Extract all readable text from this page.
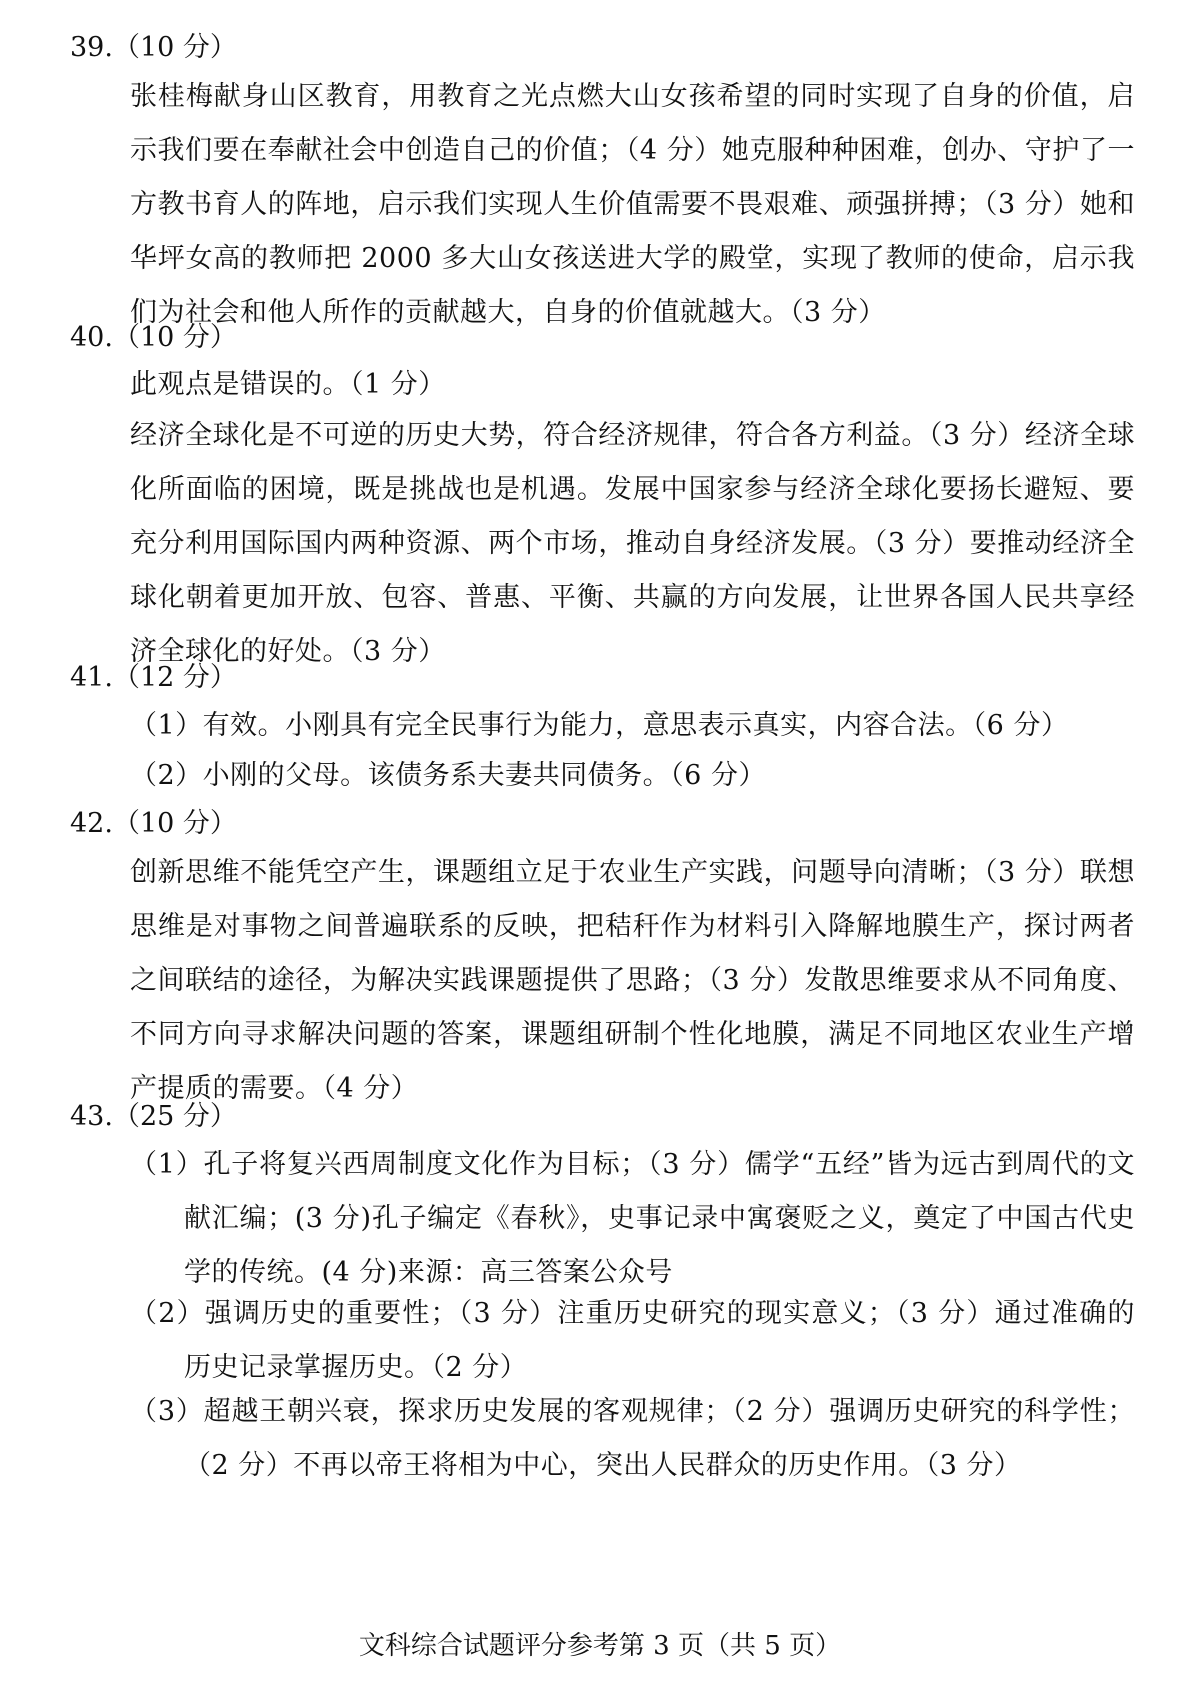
39.（10 分）
张桂梅献身山区教育，用教育之光点燃大山女孩希望的同时实现了自身的价值，启示我们要在奉献社会中创造自己的价值；（4 分）她克服种种困难，创办、守护了一方教书育人的阵地，启示我们实现人生价值需要不畏艰难、顽强拼搏；（3 分）她和华坪女高的教师把 2000 多大山女孩送进大学的殿堂，实现了教师的使命，启示我们为社会和他人所作的贡献越大，自身的价值就越大。（3 分）
40.（10 分）
此观点是错误的。（1 分）
经济全球化是不可逆的历史大势，符合经济规律，符合各方利益。（3 分）经济全球化所面临的困境，既是挑战也是机遇。发展中国家参与经济全球化要扬长避短、要充分利用国际国内两种资源、两个市场，推动自身经济发展。（3 分）要推动经济全球化朝着更加开放、包容、普惠、平衡、共赢的方向发展，让世界各国人民共享经济全球化的好处。（3 分）
41.（12 分）
（1）有效。小刚具有完全民事行为能力，意思表示真实，内容合法。（6 分）
（2）小刚的父母。该债务系夫妻共同债务。（6 分）
42.（10 分）
创新思维不能凭空产生，课题组立足于农业生产实践，问题导向清晰；（3 分）联想思维是对事物之间普遍联系的反映，把秸秆作为材料引入降解地膜生产，探讨两者之间联结的途径，为解决实践课题提供了思路；（3 分）发散思维要求从不同角度、不同方向寻求解决问题的答案，课题组研制个性化地膜，满足不同地区农业生产增产提质的需要。（4 分）
43.（25 分）
（1）孔子将复兴西周制度文化作为目标；（3 分）儒学“五经”皆为远古到周代的文献汇编；(3 分)孔子编定《春秋》，史事记录中寓褒贬之义，奠定了中国古代史学的传统。(4 分)来源：高三答案公众号
（2）强调历史的重要性；（3 分）注重历史研究的现实意义；（3 分）通过准确的历史记录掌握历史。（2 分）
（3）超越王朝兴衰，探求历史发展的客观规律；（2 分）强调历史研究的科学性；（2 分）不再以帝王将相为中心，突出人民群众的历史作用。（3 分）
文科综合试题评分参考第 3 页（共 5 页）
